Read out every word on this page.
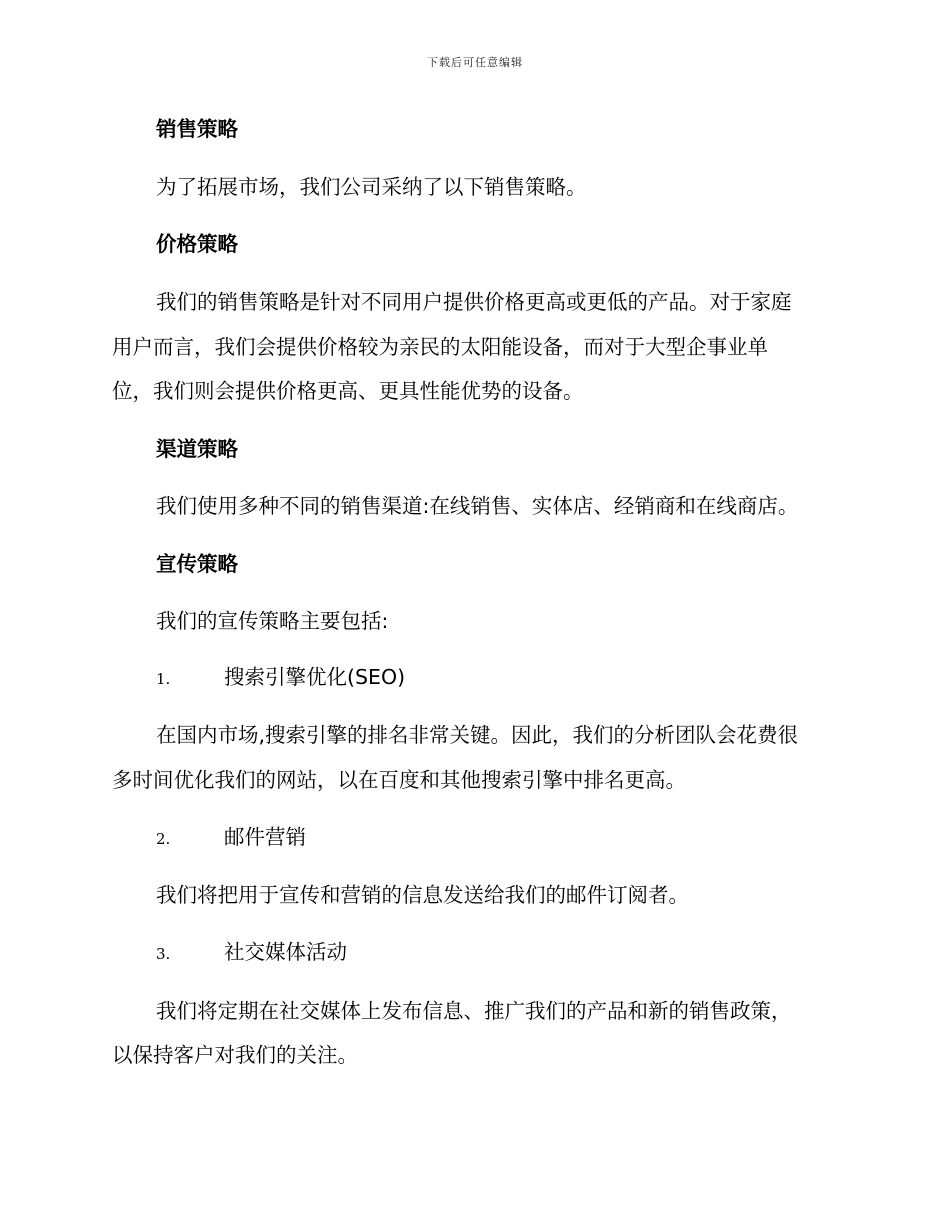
下载后可任意编辑
销售策略
为了拓展市场，我们公司采纳了以下销售策略。
价格策略
我们的销售策略是针对不同用户提供价格更高或更低的产品。对于家庭
用户而言，我们会提供价格较为亲民的太阳能设备，而对于大型企事业单
位，我们则会提供价格更高、更具性能优势的设备。
渠道策略
我们使用多种不同的销售渠道:在线销售、实体店、经销商和在线商店。
宣传策略
我们的宣传策略主要包括:
1.	搜索引擎优化(SEO)
在国内市场,搜索引擎的排名非常关键。因此，我们的分析团队会花费很
多时间优化我们的网站，以在百度和其他搜索引擎中排名更高。
2.	邮件营销
我们将把用于宣传和营销的信息发送给我们的邮件订阅者。
3.	社交媒体活动
我们将定期在社交媒体上发布信息、推广我们的产品和新的销售政策，
以保持客户对我们的关注。
